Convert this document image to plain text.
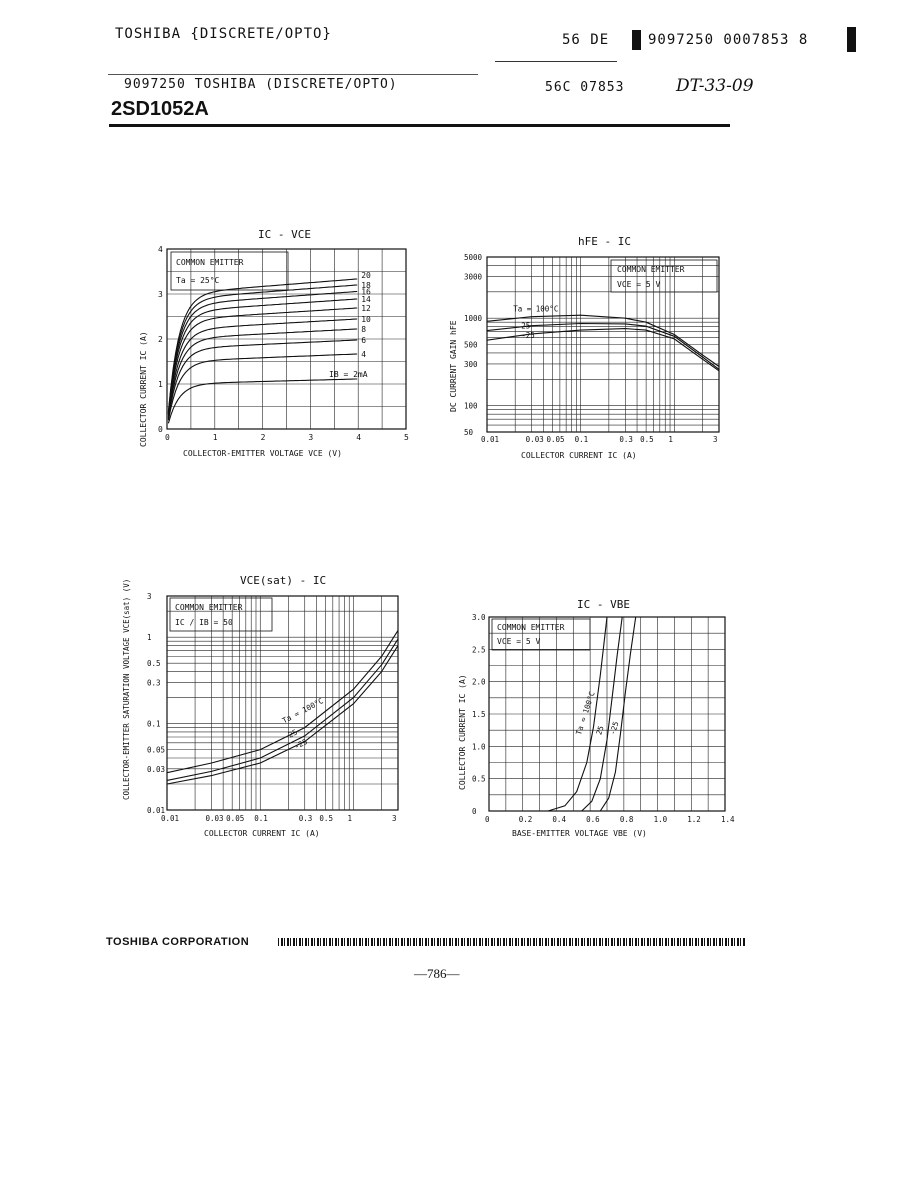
TOSHIBA {DISCRETE/OPTO}	56 DE	9097250 0007853 8
9097250 TOSHIBA (DISCRETE/OPTO)	56C 07853	DT-33-09
2SD1052A
IC - VCE
COMMON EMITTER
Ta = 25°C
IB = 2mA
COLLECTOR-EMITTER VOLTAGE VCE (V)
COLLECTOR CURRENT IC (A) 0	1	2	3	4	5
0
1
2
3
4
20
18
16
14
12
10
8
6
4
hFE - IC
COMMON EMITTER
VCE = 5 V
COLLECTOR CURRENT IC (A)
DC CURRENT GAIN hFE
0.01	0.03 0.05 0.1	0.3 0.5 1	3
50
100
300
500
1000
3000
5000
Ta = 100°C
25
-25
VCE(sat) - IC
COMMON EMITTER
IC / IB = 50
COLLECTOR CURRENT IC (A)
COLLECTOR-EMITTER SATURATION VOLTAGE VCE(sat) (V)
0.01	0.03 0.05 0.1	0.3 0.5 1	3
0.01
0.03
0.05
0.1
0.3
0.5
1
3
Ta = 100°C
25
-25
IC - VBE
COMMON EMITTER
VCE = 5 V
BASE-EMITTER VOLTAGE VBE (V)
COLLECTOR CURRENT IC (A)
0	0.2	0.4	0.6	0.8	1.0	1.2	1.4
0
0.5
1.0
1.5
2.0
2.5
3.0
Ta = 100°C
25 -25
TOSHIBA CORPORATION
—786—
